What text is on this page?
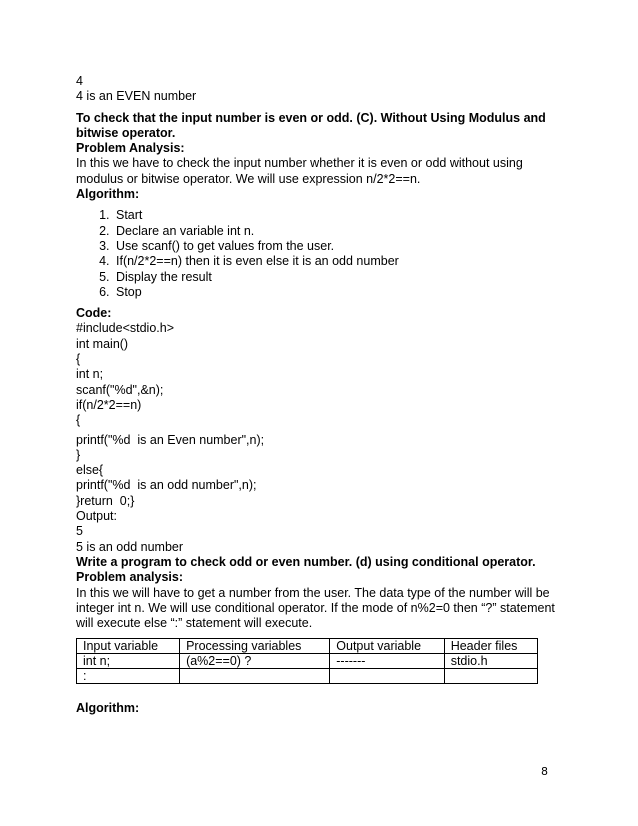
4
4 is an EVEN number
To check that the input number is even or odd. (C). Without Using Modulus and bitwise operator.
Problem Analysis:
In this we have to check the input number whether it is even or odd without using modulus or bitwise operator. We will use expression n/2*2==n.
Algorithm:
1. Start
2. Declare an variable int n.
3. Use scanf() to get values from the user.
4. If(n/2*2==n) then it is even else it is an odd number
5. Display the result
6. Stop
Code:
#include<stdio.h>
int main()
{
int n;
scanf("%d",&n);
if(n/2*2==n)
{
printf("%d  is an Even number",n);
}
else{
printf("%d  is an odd number",n);
}return  0;}
Output:
5
5 is an odd number
Write a program to check odd or even number. (d) using conditional operator.
Problem analysis:
In this we will have to get a number from the user. The data type of the number will be integer int n. We will use conditional operator. If the mode of n%2=0 then “?” statement will execute else “:” statement will execute.
Input variable	Processing variables	Output variable	Header files
int n;	(a%2==0) ?	-------	stdio.h
:			
Algorithm:
8
